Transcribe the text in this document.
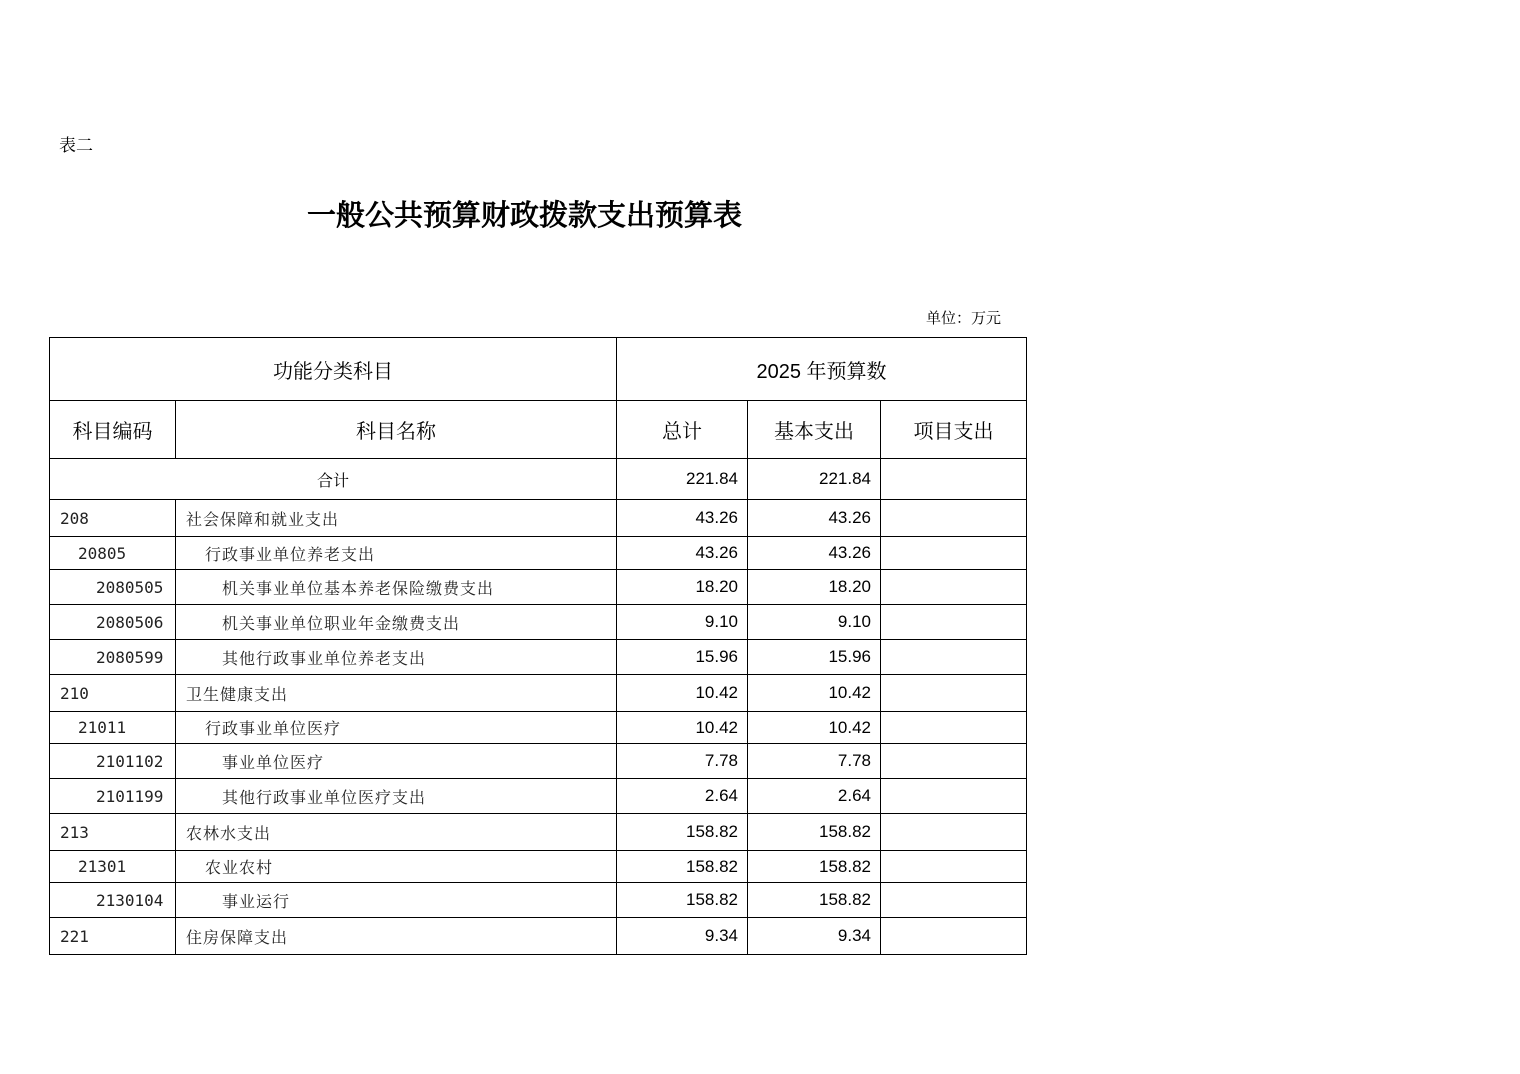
表二
一般公共预算财政拨款支出预算表
单位：万元
功能分类科目		2025 年预算数		
科目编码	科目名称	总计	基本支出	项目支出
合计		221.84	221.84	
208	社会保障和就业支出	43.26	43.26	
20805	行政事业单位养老支出	43.26	43.26	
2080505	机关事业单位基本养老保险缴费支出	18.20	18.20	
2080506	机关事业单位职业年金缴费支出	9.10	9.10	
2080599	其他行政事业单位养老支出	15.96	15.96	
210	卫生健康支出	10.42	10.42	
21011	行政事业单位医疗	10.42	10.42	
2101102	事业单位医疗	7.78	7.78	
2101199	其他行政事业单位医疗支出	2.64	2.64	
213	农林水支出	158.82	158.82	
21301	农业农村	158.82	158.82	
2130104	事业运行	158.82	158.82	
221	住房保障支出	9.34	9.34	
